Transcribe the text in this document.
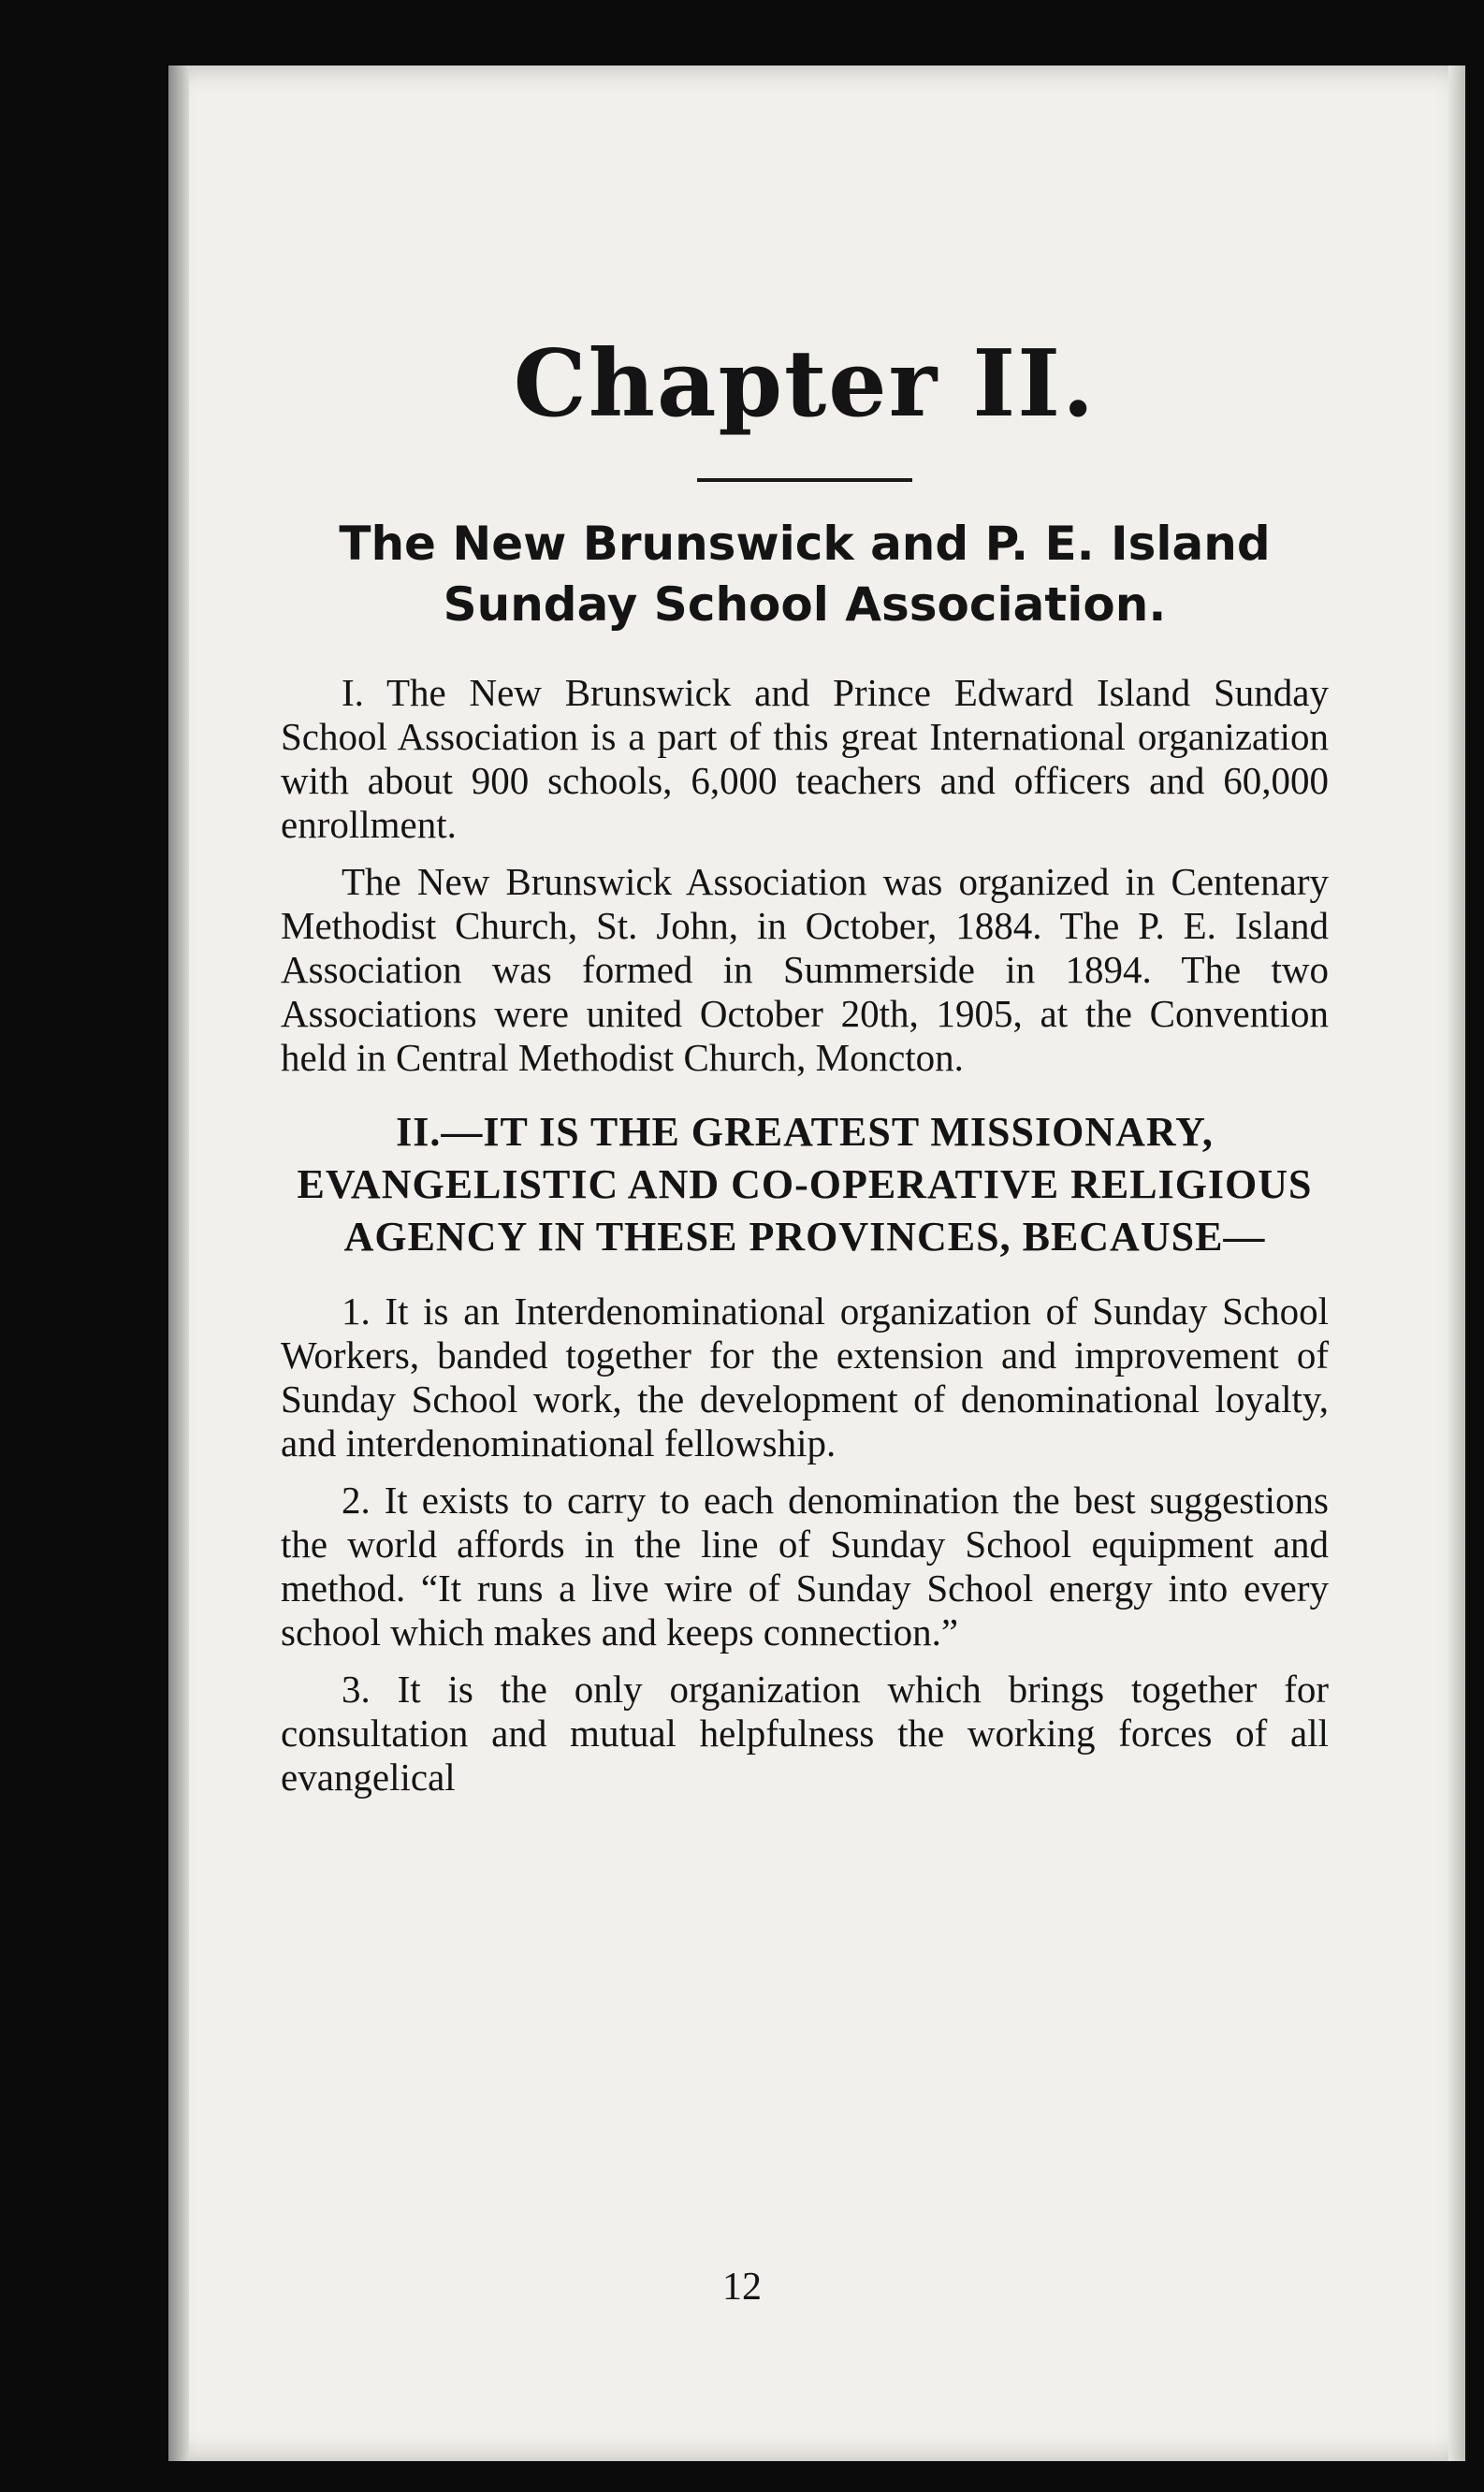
Chapter II.
The New Brunswick and P. E. Island
Sunday School Association.

I. The New Brunswick and Prince Edward Island Sunday School Association is a part of this great International organization with about 900 schools, 6,000 teachers and officers and 60,000 enrollment.

The New Brunswick Association was organized in Centenary Methodist Church, St. John, in October, 1884. The P. E. Island Association was formed in Summerside in 1894. The two Associations were united October 20th, 1905, at the Convention held in Central Methodist Church, Moncton.

II.—IT IS THE GREATEST MISSIONARY, EVANGELISTIC AND CO-OPERATIVE RELIGIOUS AGENCY IN THESE PROVINCES, BECAUSE—

1. It is an Interdenominational organization of Sunday School Workers, banded together for the extension and improvement of Sunday School work, the development of denominational loyalty, and interdenominational fellowship.

2. It exists to carry to each denomination the best suggestions the world affords in the line of Sunday School equipment and method. “It runs a live wire of Sunday School energy into every school which makes and keeps connection.”

3. It is the only organization which brings together for consultation and mutual helpfulness the working forces of all evangelical

12
